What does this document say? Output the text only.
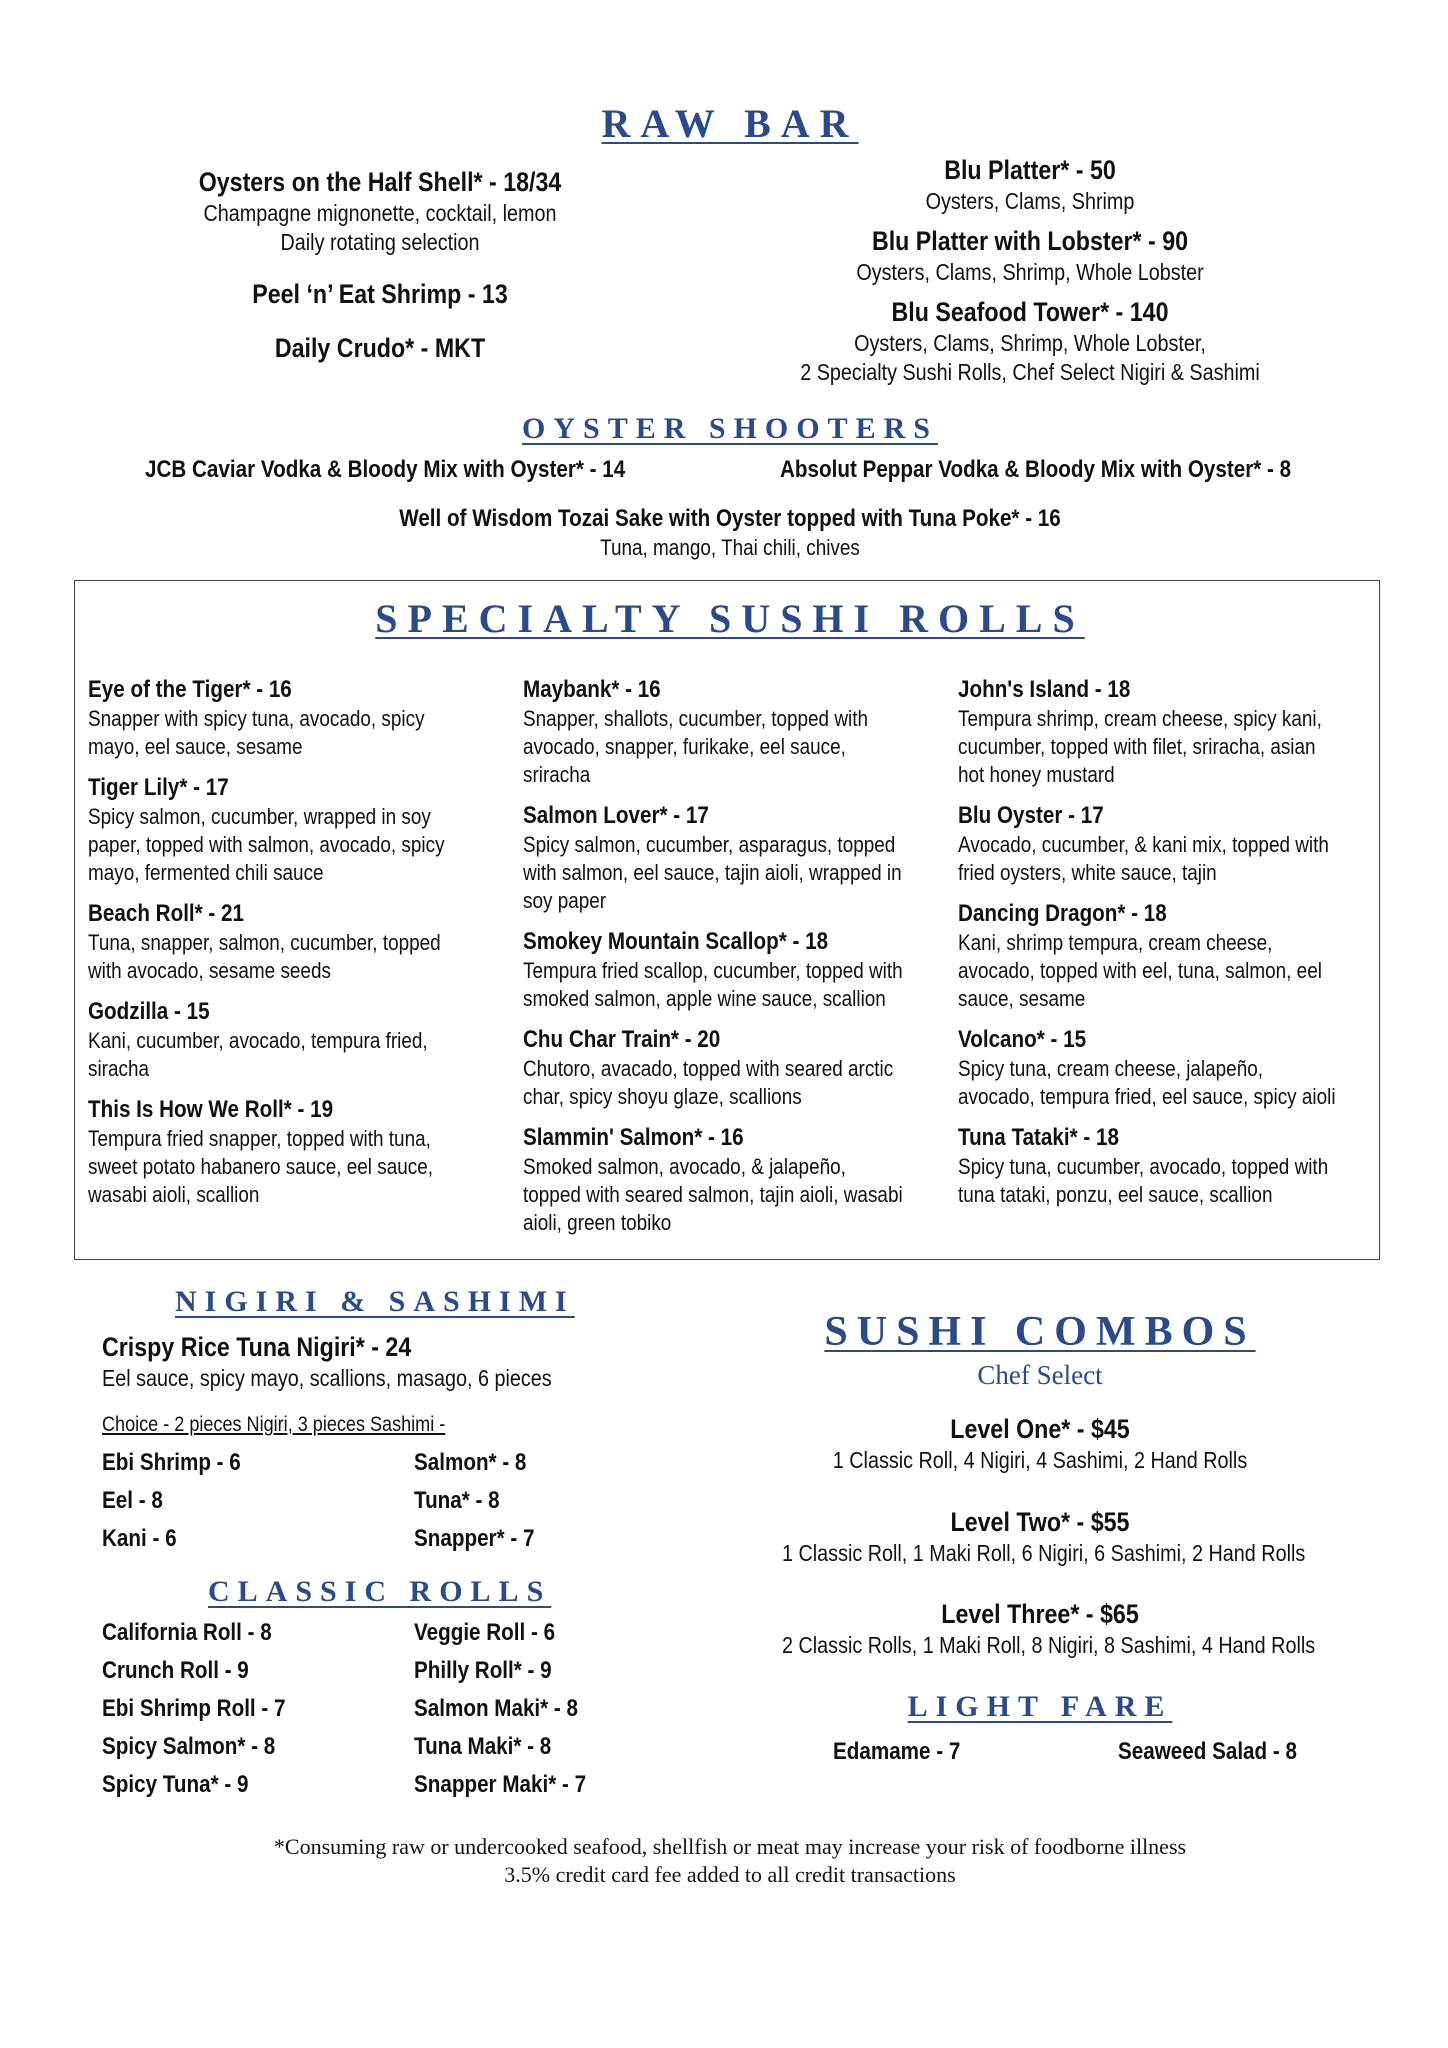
RAW BAR
Oysters on the Half Shell* - 18/34
Champagne mignonette, cocktail, lemon
Daily rotating selection
Peel ‘n’ Eat Shrimp - 13
Daily Crudo* - MKT
Blu Platter* - 50
Oysters, Clams, Shrimp
Blu Platter with Lobster* - 90
Oysters, Clams, Shrimp, Whole Lobster
Blu Seafood Tower* - 140
Oysters, Clams, Shrimp, Whole Lobster,
2 Specialty Sushi Rolls, Chef Select Nigiri & Sashimi
OYSTER SHOOTERS
JCB Caviar Vodka & Bloody Mix with Oyster* - 14	Absolut Peppar Vodka & Bloody Mix with Oyster* - 8
Well of Wisdom Tozai Sake with Oyster topped with Tuna Poke* - 16
Tuna, mango, Thai chili, chives
SPECIALTY SUSHI ROLLS
Eye of the Tiger* - 16
Snapper with spicy tuna, avocado, spicy
mayo, eel sauce, sesame
Tiger Lily* - 17
Spicy salmon, cucumber, wrapped in soy
paper, topped with salmon, avocado, spicy
mayo, fermented chili sauce
Beach Roll* - 21
Tuna, snapper, salmon, cucumber, topped
with avocado, sesame seeds
Godzilla - 15
Kani, cucumber, avocado, tempura fried,
siracha
This Is How We Roll* - 19
Tempura fried snapper, topped with tuna,
sweet potato habanero sauce, eel sauce,
wasabi aioli, scallion
Maybank* - 16
Snapper, shallots, cucumber, topped with
avocado, snapper, furikake, eel sauce,
sriracha
Salmon Lover* - 17
Spicy salmon, cucumber, asparagus, topped
with salmon, eel sauce, tajin aioli, wrapped in
soy paper
Smokey Mountain Scallop* - 18
Tempura fried scallop, cucumber, topped with
smoked salmon, apple wine sauce, scallion
Chu Char Train* - 20
Chutoro, avacado, topped with seared arctic
char, spicy shoyu glaze, scallions
Slammin' Salmon* - 16
Smoked salmon, avocado, & jalapeño,
topped with seared salmon, tajin aioli, wasabi
aioli, green tobiko
John's Island - 18
Tempura shrimp, cream cheese, spicy kani,
cucumber, topped with filet, sriracha, asian
hot honey mustard
Blu Oyster - 17
Avocado, cucumber, & kani mix, topped with
fried oysters, white sauce, tajin
Dancing Dragon* - 18
Kani, shrimp tempura, cream cheese,
avocado, topped with eel, tuna, salmon, eel
sauce, sesame
Volcano* - 15
Spicy tuna, cream cheese, jalapeño,
avocado, tempura fried, eel sauce, spicy aioli
Tuna Tataki* - 18
Spicy tuna, cucumber, avocado, topped with
tuna tataki, ponzu, eel sauce, scallion
NIGIRI & SASHIMI
Crispy Rice Tuna Nigiri* - 24
Eel sauce, spicy mayo, scallions, masago, 6 pieces
Choice - 2 pieces Nigiri, 3 pieces Sashimi -
Ebi Shrimp - 6	Salmon* - 8
Eel - 8	Tuna* - 8
Kani - 6	Snapper* - 7
CLASSIC ROLLS
California Roll - 8	Veggie Roll - 6
Crunch Roll - 9	Philly Roll* - 9
Ebi Shrimp Roll - 7	Salmon Maki* - 8
Spicy Salmon* - 8	Tuna Maki* - 8
Spicy Tuna* - 9	Snapper Maki* - 7
SUSHI COMBOS
Chef Select
Level One* - $45
1 Classic Roll, 4 Nigiri, 4 Sashimi, 2 Hand Rolls
Level Two* - $55
1 Classic Roll, 1 Maki Roll, 6 Nigiri, 6 Sashimi, 2 Hand Rolls
Level Three* - $65
2 Classic Rolls, 1 Maki Roll, 8 Nigiri, 8 Sashimi, 4 Hand Rolls
LIGHT FARE
Edamame - 7	Seaweed Salad - 8
*Consuming raw or undercooked seafood, shellfish or meat may increase your risk of foodborne illness
3.5% credit card fee added to all credit transactions
